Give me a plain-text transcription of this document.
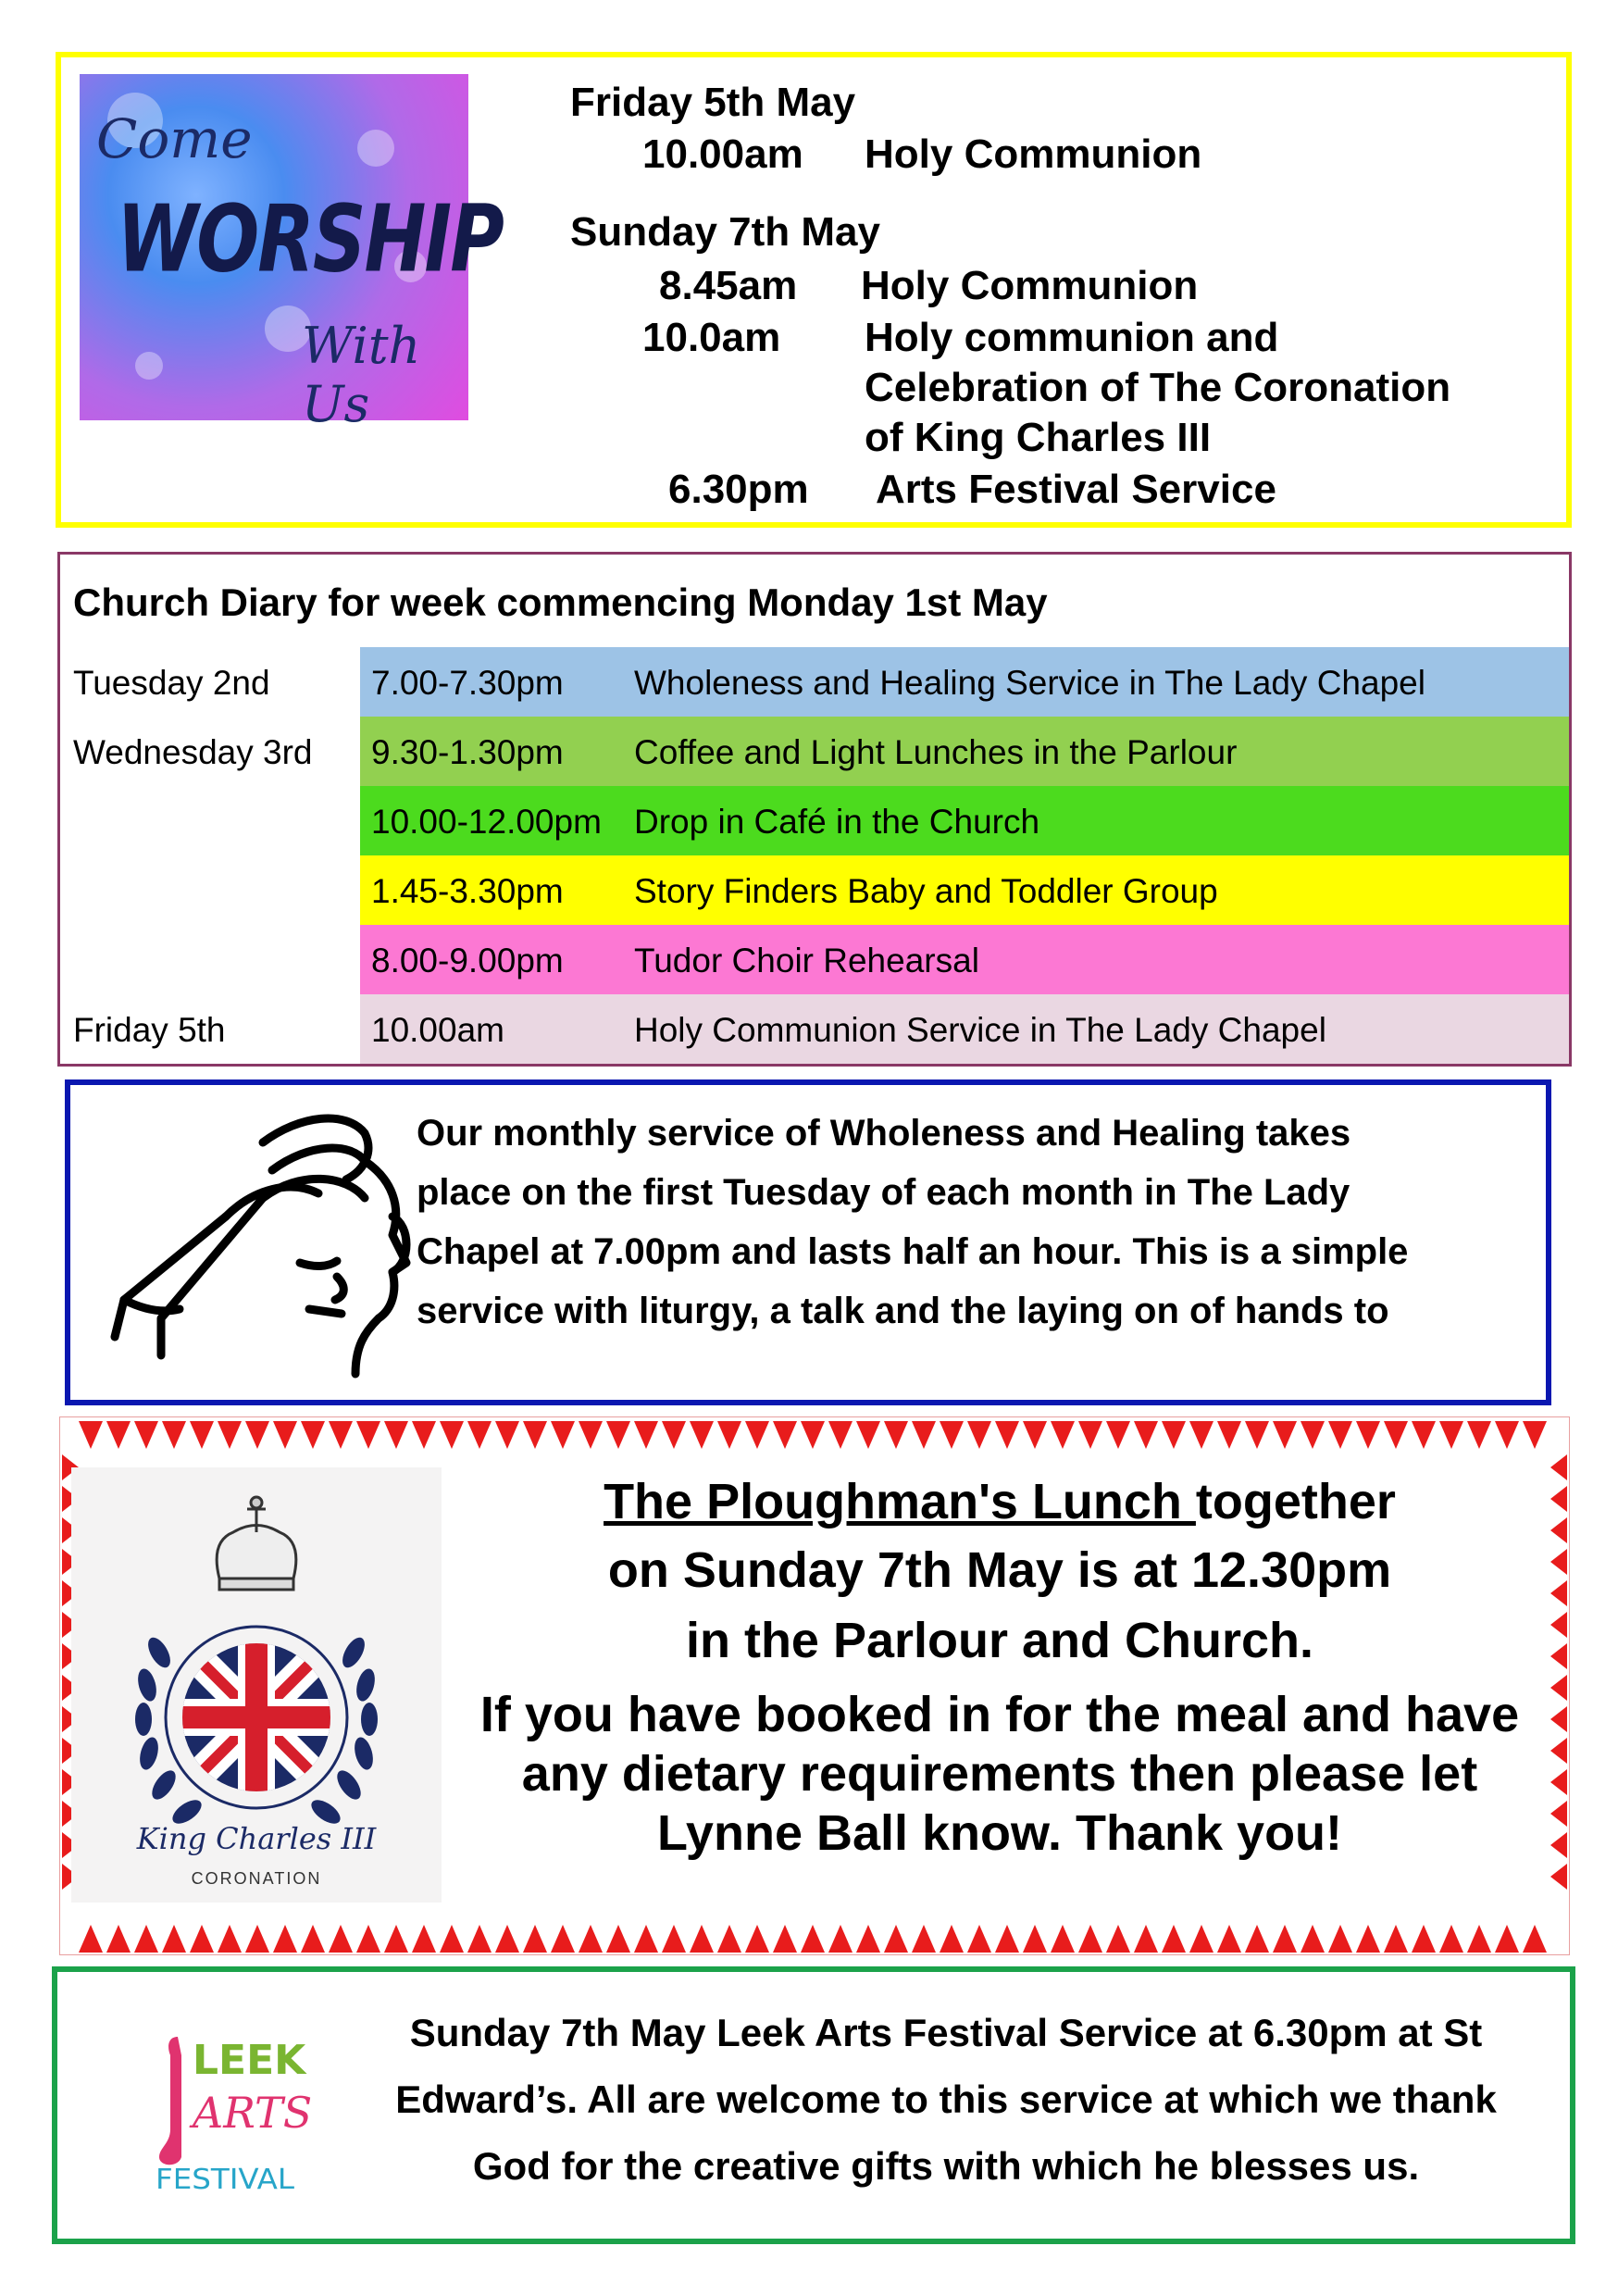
Come
WORSHIP
With Us
Friday 5th May
10.00am Holy Communion
Sunday 7th May
8.45am Holy Communion
10.0am Holy communion and
Celebration of The Coronation
of King Charles III
6.30pm Arts Festival Service
Church Diary for week commencing Monday 1st May
Tuesday 2nd	7.00-7.30pm Wholeness and Healing Service in The Lady Chapel
Wednesday 3rd 9.30-1.30pm Coffee and Light Lunches in the Parlour
10.00-12.00pm Drop in Café in the Church
1.45-3.30pm Story Finders Baby and Toddler Group
8.00-9.00pm Tudor Choir Rehearsal
Friday 5th	10.00am	Holy Communion Service in The Lady Chapel
Our monthly service of Wholeness and Healing takes
place on the first Tuesday of each month in The Lady
Chapel at 7.00pm and lasts half an hour. This is a simple
service with liturgy, a talk and the laying on of hands to
King Charles III
CORONATION
The Ploughman's Lunch together
on Sunday 7th May is at 12.30pm
in the Parlour and Church.
If you have booked in for the meal and have
any dietary requirements then please let
Lynne Ball know. Thank you!
LEEK
ARTS
FESTIVAL
Sunday 7th May Leek Arts Festival Service at 6.30pm at St
Edward’s. All are welcome to this service at which we thank
God for the creative gifts with which he blesses us.
